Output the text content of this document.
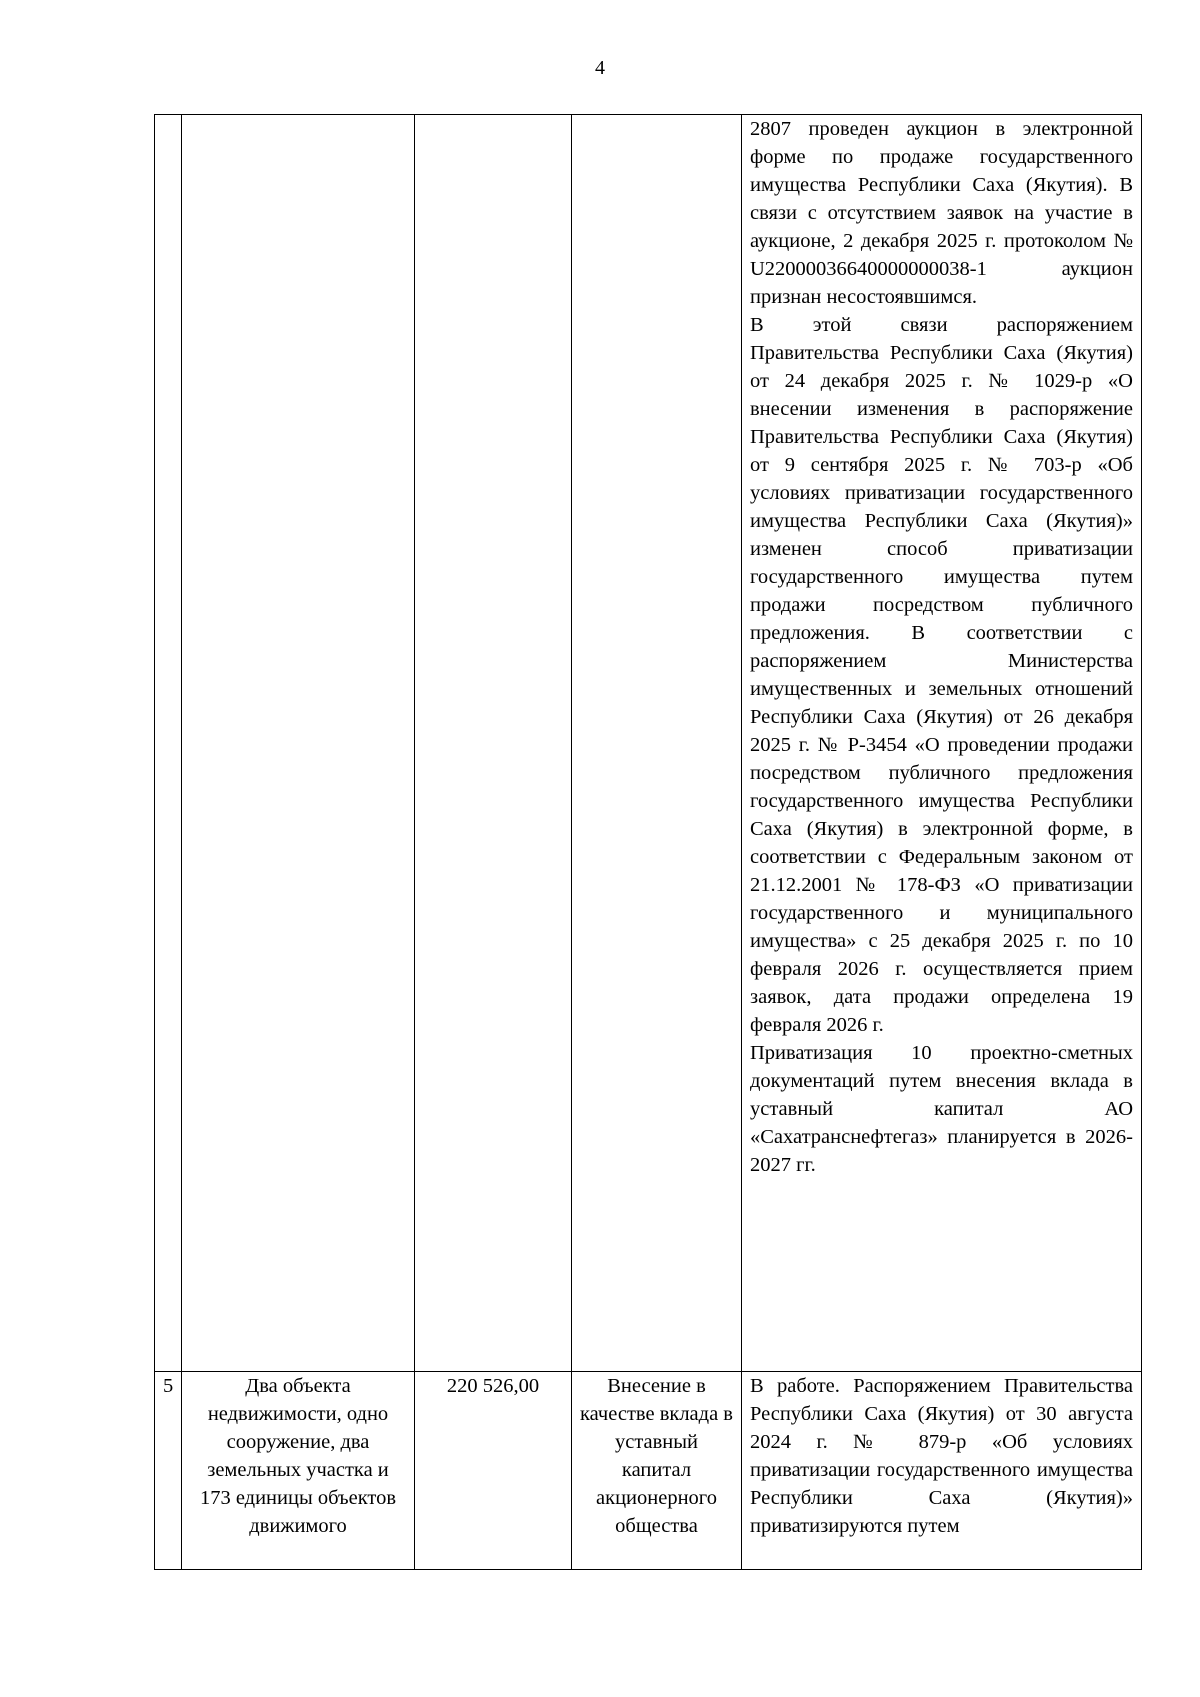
4

				2807 проведен аукцион в электронной форме по продаже государственного имущества Республики Саха (Якутия). В связи с отсутствием заявок на участие в аукционе, 2 декабря 2025 г. протоколом № U22000036640000000038-1 аукцион признан несостоявшимся.

В этой связи распоряжением Правительства Республики Саха (Якутия) от 24 декабря 2025 г. № 1029-р «О внесении изменения в распоряжение Правительства Республики Саха (Якутия) от 9 сентября 2025 г. № 703-р «Об условиях приватизации государственного имущества Республики Саха (Якутия)» изменен способ приватизации государственного имущества путем продажи посредством публичного предложения. В соответствии с распоряжением Министерства имущественных и земельных отношений Республики Саха (Якутия) от 26 декабря 2025 г. № Р-3454 «О проведении продажи посредством публичного предложения государственного имущества Республики Саха (Якутия) в электронной форме, в соответствии с Федеральным законом от 21.12.2001 № 178-ФЗ «О приватизации государственного и муниципального имущества» с 25 декабря 2025 г. по 10 февраля 2026 г. осуществляется прием заявок, дата продажи определена 19 февраля 2026 г.

Приватизация 10 проектно-сметных документаций путем внесения вклада в уставный капитал АО «Сахатранснефтегаз» планируется в 2026-2027 гг.

5	Два объекта недвижимости, одно сооружение, два земельных участка и 173 единицы объектов движимого	220 526,00	Внесение в качестве вклада в уставный капитал акционерного общества	В работе. Распоряжением Правительства Республики Саха (Якутия) от 30 августа 2024 г. № 879-р «Об условиях приватизации государственного имущества Республики Саха (Якутия)» приватизируются путем
